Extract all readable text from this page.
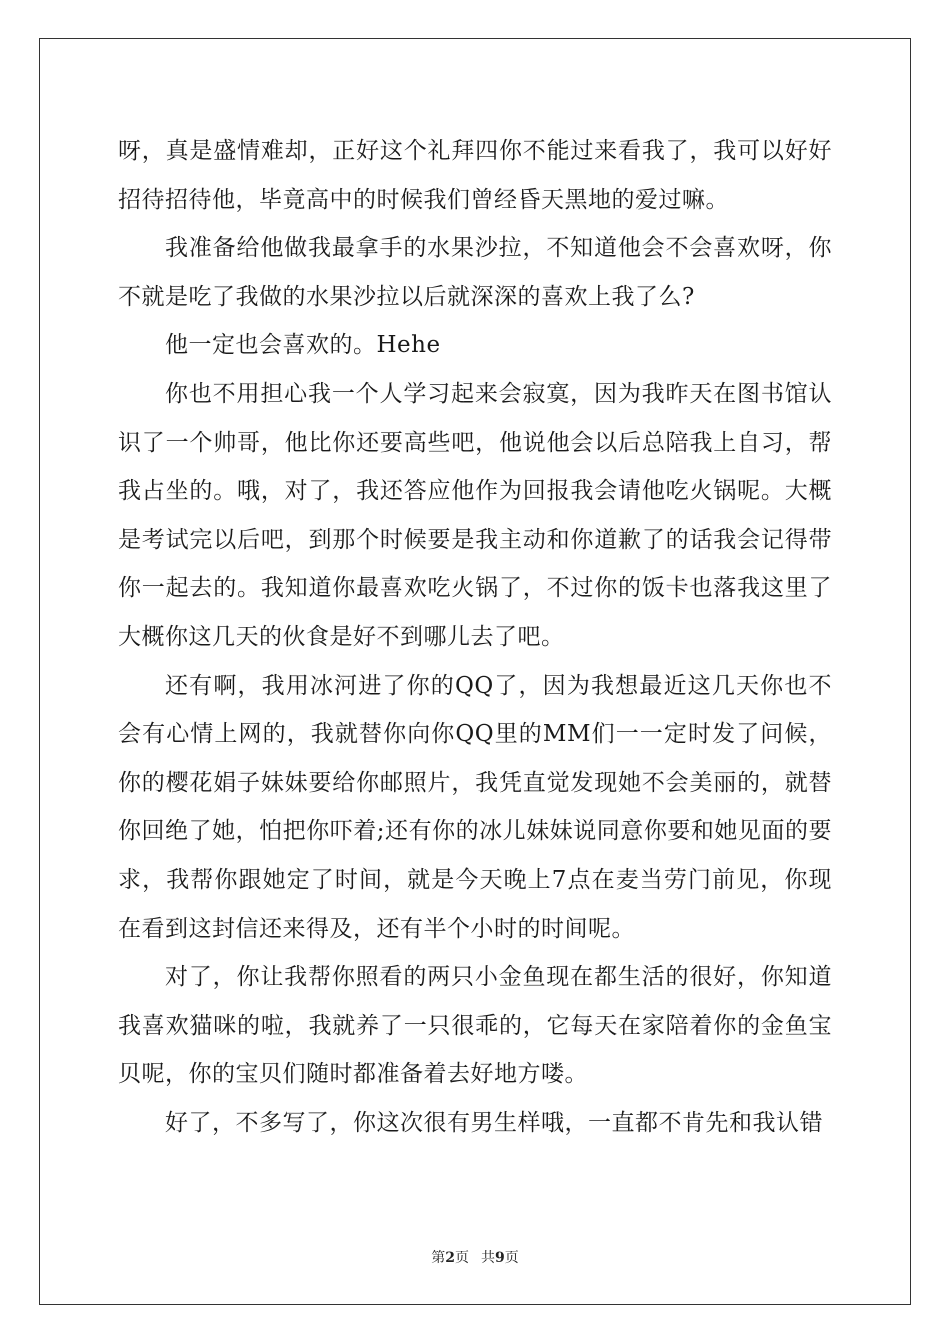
呀，真是盛情难却，正好这个礼拜四你不能过来看我了，我可以好好招待招待他，毕竟高中的时候我们曾经昏天黑地的爱过嘛。

我准备给他做我最拿手的水果沙拉，不知道他会不会喜欢呀，你不就是吃了我做的水果沙拉以后就深深的喜欢上我了么?

他一定也会喜欢的。Hehe

你也不用担心我一个人学习起来会寂寞，因为我昨天在图书馆认识了一个帅哥，他比你还要高些吧，他说他会以后总陪我上自习，帮我占坐的。哦，对了，我还答应他作为回报我会请他吃火锅呢。大概是考试完以后吧，到那个时候要是我主动和你道歉了的话我会记得带你一起去的。我知道你最喜欢吃火锅了，不过你的饭卡也落我这里了大概你这几天的伙食是好不到哪儿去了吧。

还有啊，我用冰河进了你的QQ了，因为我想最近这几天你也不会有心情上网的，我就替你向你QQ里的MM们一一定时发了问候，你的樱花娟子妹妹要给你邮照片，我凭直觉发现她不会美丽的，就替你回绝了她，怕把你吓着;还有你的冰儿妹妹说同意你要和她见面的要求，我帮你跟她定了时间，就是今天晚上7点在麦当劳门前见，你现在看到这封信还来得及，还有半个小时的时间呢。

对了，你让我帮你照看的两只小金鱼现在都生活的很好，你知道我喜欢猫咪的啦，我就养了一只很乖的，它每天在家陪着你的金鱼宝贝呢，你的宝贝们随时都准备着去好地方喽。

好了，不多写了，你这次很有男生样哦，一直都不肯先和我认错

第2页 共9页
